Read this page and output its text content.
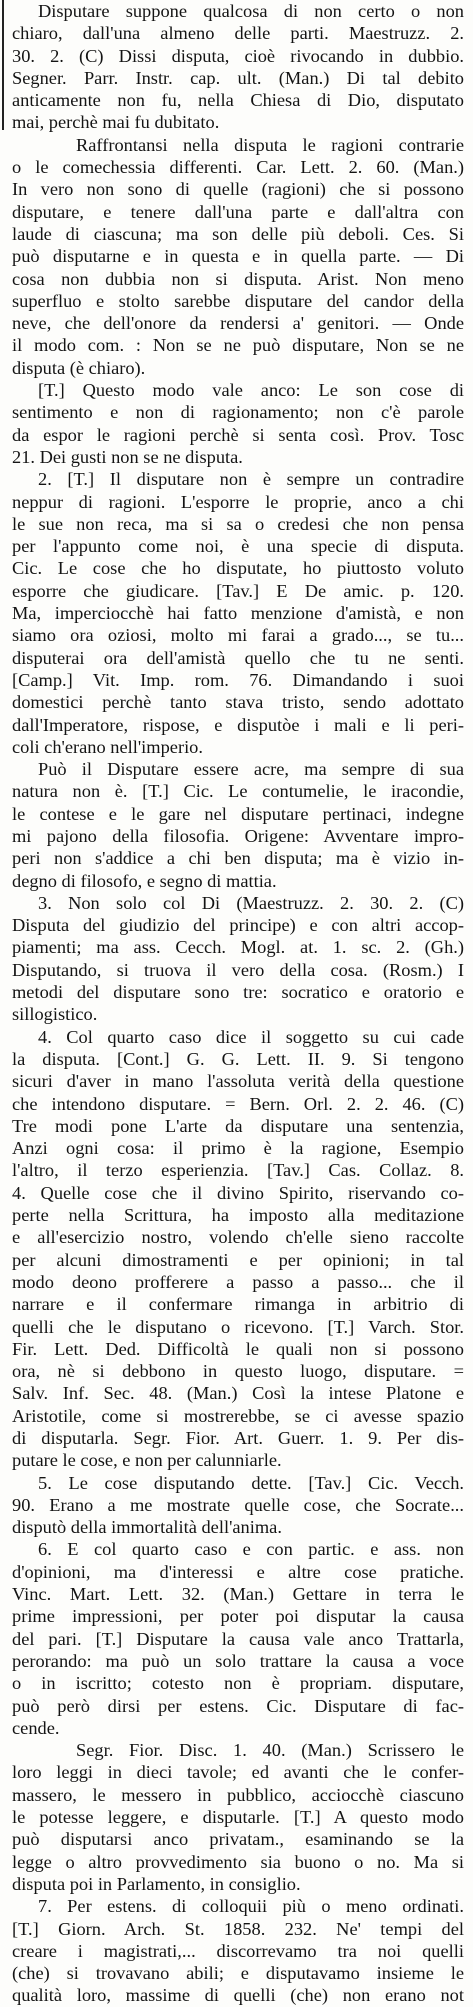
Disputare suppone qualcosa di non certo o non
chiaro, dall'una almeno delle parti. Maestruzz. 2.
30. 2. (C) Dissi disputa, cioè rivocando in dubbio.
Segner. Parr. Instr. cap. ult. (Man.) Di tal debito
anticamente non fu, nella Chiesa di Dio, disputato
mai, perchè mai fu dubitato.
Raffrontansi nella disputa le ragioni contrarie
o le comechessia differenti. Car. Lett. 2. 60. (Man.)
In vero non sono di quelle (ragioni) che si possono
disputare, e tenere dall'una parte e dall'altra con
laude di ciascuna; ma son delle più deboli. Ces. Si
può disputarne e in questa e in quella parte. — Di
cosa non dubbia non si disputa. Arist. Non meno
superfluo e stolto sarebbe disputare del candor della
neve, che dell'onore da rendersi a' genitori. — Onde
il modo com. : Non se ne può disputare, Non se ne
disputa (è chiaro).
[T.] Questo modo vale anco: Le son cose di
sentimento e non di ragionamento; non c'è parole
da espor le ragioni perchè si senta così. Prov. Tosc
21. Dei gusti non se ne disputa.
2. [T.] Il disputare non è sempre un contradire
neppur di ragioni. L'esporre le proprie, anco a chi
le sue non reca, ma si sa o credesi che non pensa
per l'appunto come noi, è una specie di disputa.
Cic. Le cose che ho disputate, ho piuttosto voluto
esporre che giudicare. [Tav.] E De amic. p. 120.
Ma, imperciocchè hai fatto menzione d'amistà, e non
siamo ora oziosi, molto mi farai a grado..., se tu...
disputerai ora dell'amistà quello che tu ne senti.
[Camp.] Vit. Imp. rom. 76. Dimandando i suoi
domestici perchè tanto stava tristo, sendo adottato
dall'Imperatore, rispose, e disputòe i mali e li peri-
coli ch'erano nell'imperio.
Può il Disputare essere acre, ma sempre di sua
natura non è. [T.] Cic. Le contumelie, le iracondie,
le contese e le gare nel disputare pertinaci, indegne
mi pajono della filosofia. Origene: Avventare impro-
peri non s'addice a chi ben disputa; ma è vizio in-
degno di filosofo, e segno di mattia.
3. Non solo col Di (Maestruzz. 2. 30. 2. (C)
Disputa del giudizio del principe) e con altri accop-
piamenti; ma ass. Cecch. Mogl. at. 1. sc. 2. (Gh.)
Disputando, si truova il vero della cosa. (Rosm.) I
metodi del disputare sono tre: socratico e oratorio e
sillogistico.
4. Col quarto caso dice il soggetto su cui cade
la disputa. [Cont.] G. G. Lett. II. 9. Si tengono
sicuri d'aver in mano l'assoluta verità della questione
che intendono disputare. = Bern. Orl. 2. 2. 46. (C)
Tre modi pone L'arte da disputare una sentenzia,
Anzi ogni cosa: il primo è la ragione, Esempio
l'altro, il terzo esperienzia. [Tav.] Cas. Collaz. 8.
4. Quelle cose che il divino Spirito, riservando co-
perte nella Scrittura, ha imposto alla meditazione
e all'esercizio nostro, volendo ch'elle sieno raccolte
per alcuni dimostramenti e per opinioni; in tal
modo deono profferere a passo a passo... che il
narrare e il confermare rimanga in arbitrio di
quelli che le disputano o ricevono. [T.] Varch. Stor.
Fir. Lett. Ded. Difficoltà le quali non si possono
ora, nè si debbono in questo luogo, disputare. =
Salv. Inf. Sec. 48. (Man.) Così la intese Platone e
Aristotile, come si mostrerebbe, se ci avesse spazio
di disputarla. Segr. Fior. Art. Guerr. 1. 9. Per dis-
putare le cose, e non per calunniarle.
5. Le cose disputando dette. [Tav.] Cic. Vecch.
90. Erano a me mostrate quelle cose, che Socrate...
disputò della immortalità dell'anima.
6. E col quarto caso e con partic. e ass. non
d'opinioni, ma d'interessi e altre cose pratiche.
Vinc. Mart. Lett. 32. (Man.) Gettare in terra le
prime impressioni, per poter poi disputar la causa
del pari. [T.] Disputare la causa vale anco Trattarla,
perorando: ma può un solo trattare la causa a voce
o in iscritto; cotesto non è propriam. disputare,
può però dirsi per estens. Cic. Disputare di fac-
cende.
Segr. Fior. Disc. 1. 40. (Man.) Scrissero le
loro leggi in dieci tavole; ed avanti che le confer-
massero, le messero in pubblico, acciocchè ciascuno
le potesse leggere, e disputarle. [T.] A questo modo
può disputarsi anco privatam., esaminando se la
legge o altro provvedimento sia buono o no. Ma si
disputa poi in Parlamento, in consiglio.
7. Per estens. di colloquii più o meno ordinati.
[T.] Giorn. Arch. St. 1858. 232. Ne' tempi del
creare i magistrati,... discorrevamo tra noi quelli
(che) si trovavano abili; e disputavamo insieme le
qualità loro, massime di quelli (che) non erano not
